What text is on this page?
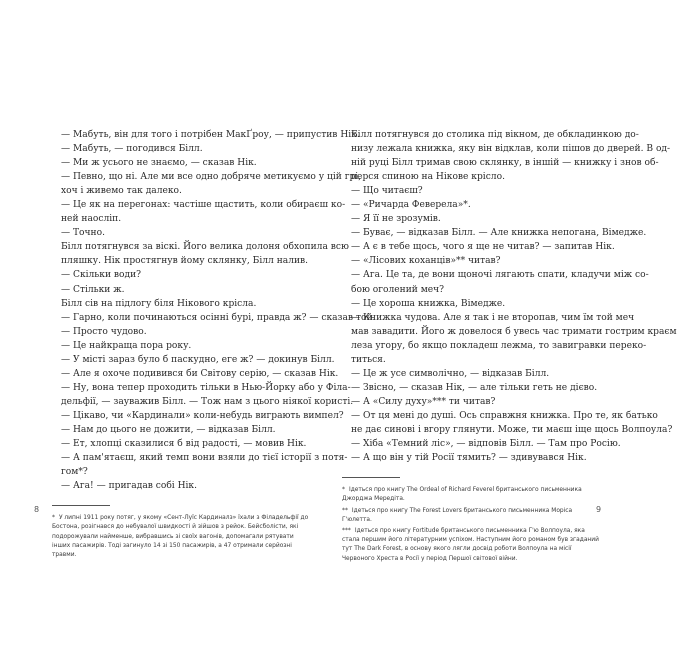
— Мабуть, він для того і потрібен МакҐроу, — припустив Нік.

— Мабуть, — погодився Білл.

— Ми ж усього не знаємо, — сказав Нік.

— Певно, що ні. Але ми все одно добряче метикуємо у цій грі,

хоч і живемо так далеко.

— Це як на перегонах: частіше щастить, коли обираєш ко-

ней наосліп.

— Точно.

Білл потягнувся за віскі. Його велика долоня обхопила всю

пляшку. Нік простягнув йому склянку, Білл налив.

— Скільки води?

— Стільки ж.

Білл сів на підлогу біля Нікового крісла.

— Гарно, коли починаються осінні бурі, правда ж? — сказав той.

— Просто чудово.

— Це найкраща пора року.

— У місті зараз було б паскудно, еге ж? — докинув Білл.

— Але я охоче подивився би Світову серію, — сказав Нік.

— Ну, вона тепер проходить тільки в Нью-Йорку або у Філа-

дельфії, — зауважив Білл. — Тож нам з цього ніякої користі.

— Цікаво, чи «Кардинали» коли-небудь виграють вимпел?

— Нам до цього не дожити, — відказав Білл.

— Ет, хлопці сказилися б від радості, — мовив Нік.

— А пам'ятаєш, який темп вони взяли до тієї історії з потя-

гом*?

— Ага! — пригадав собі Нік.

* У липні 1911 року потяг, у якому «Сент-Луїс Кардиналз» їхали з Філадельфії до Бостона, розігнався до небувалої швидкості й зійшов з рейок. Бейсболісти, які подорожували найменше, вибравшись зі своїх вагонів, допомагали рятувати інших пасажирів. Тоді загинуло 14 зі 150 пасажирів, а 47 отримали серйозні травми.

Білл потягнувся до столика під вікном, де обкладинкою до-

низу лежала книжка, яку він відклав, коли пішов до дверей. В од-

ній руці Білл тримав свою склянку, в іншій — книжку і знов об-

перся спиною на Нікове крісло.

— Що читаєш?

— «Ричарда Феверела»*.

— Я її не зрозумів.

— Буває, — відказав Білл. — Але книжка непогана, Вімедже.

— А є в тебе щось, чого я ще не читав? — запитав Нік.

— «Лісових коханців»** читав?

— Ага. Це та, де вони щоночі лягають спати, кладучи між со-

бою оголений меч?

— Це хороша книжка, Вімедже.

— Книжка чудова. Але я так і не второпав, чим їм той меч

мав завадити. Його ж довелося б увесь час тримати гострим краєм

леза угору, бо якщо покладеш лежма, то завигравки переко-

титься.

— Це ж усе символічно, — відказав Білл.

— Звісно, — сказав Нік, — але тільки геть не дієво.

— А «Силу духу»*** ти читав?

— От ця мені до душі. Ось справжня книжка. Про те, як батько

не дає синові і вгору глянути. Може, ти маєш іще щось Волпоула?

— Хіба «Темний ліс», — відповів Білл. — Там про Росію.

— А що він у тій Росії тямить? — здивувався Нік.

* Ідеться про книгу The Ordeal of Richard Feverel британського письменника Джорджа Мередіта.

** Ідеться про книгу The Forest Lovers британського письменника Моріса Г'юлетта.

*** Ідеться про книгу Fortitude британського письменника Г'ю Волпоула, яка стала першим його літературним успіхом. Наступним його романом був згаданий тут The Dark Forest, в основу якого лягли досвід роботи Волпоула на місії Червоного Хреста в Росії у період Першої світової війни.

8	9
